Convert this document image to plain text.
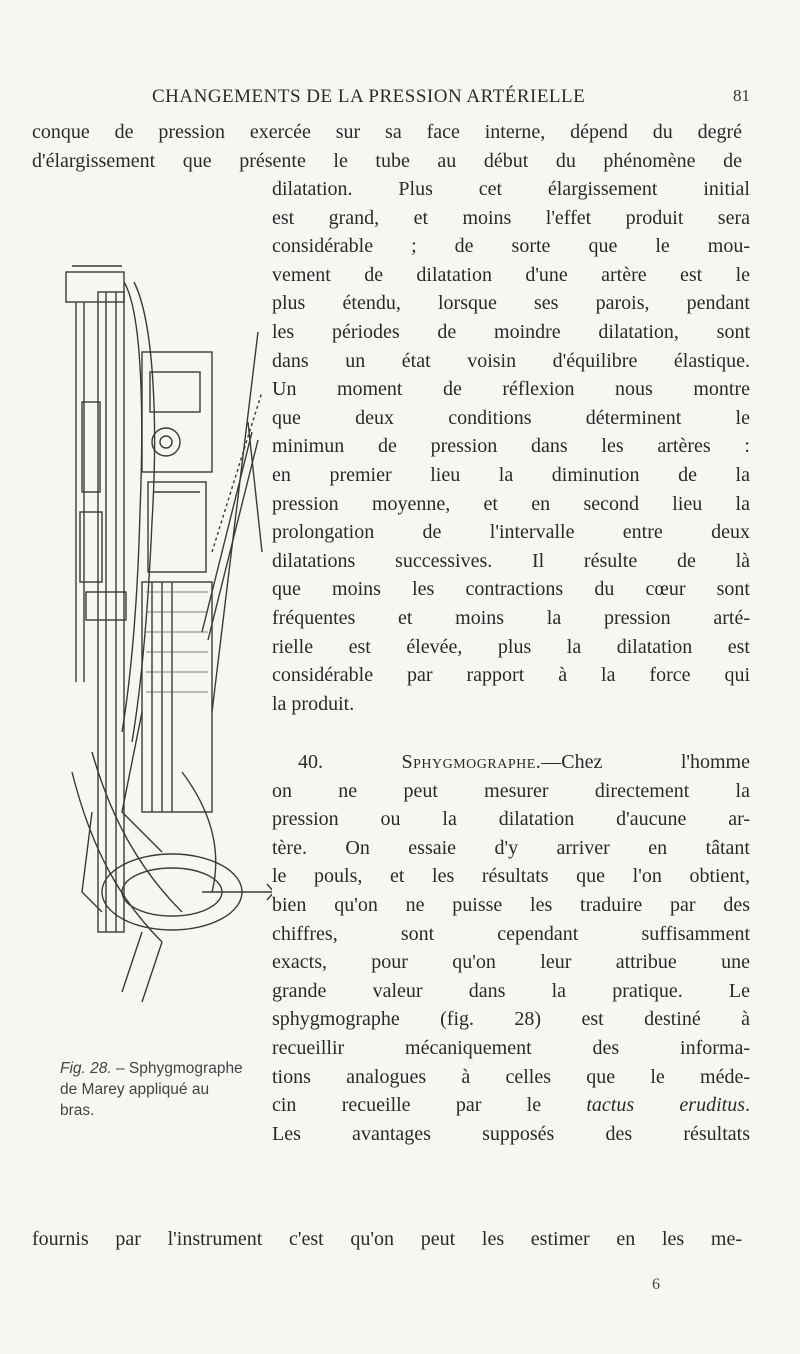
CHANGEMENTS DE LA PRESSION ARTÉRIELLE	81
conque de pression exercée sur sa face interne, dépend du degré
d'élargissement que présente le tube au début du phénomène de
dilatation. Plus cet élargissement initial
est grand, et moins l'effet produit sera
considérable ; de sorte que le mou-
vement de dilatation d'une artère est le
plus étendu, lorsque ses parois, pendant
les périodes de moindre dilatation, sont
dans un état voisin d'équilibre élastique.
Un moment de réflexion nous montre
que deux conditions déterminent le
minimun de pression dans les artères :
en premier lieu la diminution de la
pression moyenne, et en second lieu la
prolongation de l'intervalle entre deux
dilatations successives. Il résulte de là
que moins les contractions du cœur sont
fréquentes et moins la pression arté-
rielle est élevée, plus la dilatation est
considérable par rapport à la force qui
la produit.
40.	Sphygmographe.—Chez l'homme
on ne peut mesurer directement la
pression ou la dilatation d'aucune ar-
tère. On essaie d'y arriver en tâtant
le pouls, et les résultats que l'on obtient,
bien qu'on ne puisse les traduire par des
chiffres, sont cependant suffisamment
exacts, pour qu'on leur attribue une
grande valeur dans la pratique. Le
sphygmographe (fig. 28) est destiné à
recueillir mécaniquement des informa-
tions analogues à celles que le méde-
cin recueille par le tactus eruditus.
Les avantages supposés des résultats
fournis par l'instrument c'est qu'on peut les estimer en les me-
Fig. 28. – Sphygmographe
de Marey appliqué au
bras.
6
